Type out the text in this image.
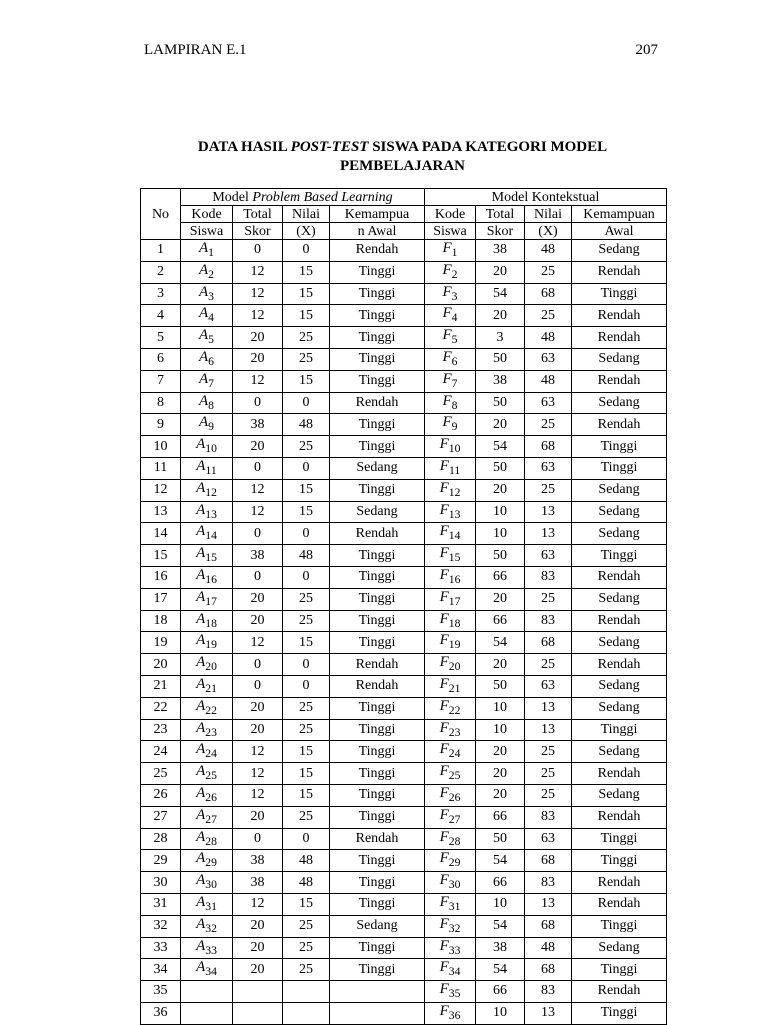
LAMPIRAN E.1	207
DATA HASIL POST-TEST SISWA PADA KATEGORI MODEL
PEMBELAJARAN
No	Model Problem Based Learning				Model Kontekstual			
	Kode	Total	Nilai	Kemampua	Kode	Total	Nilai	Kemampuan
	Siswa	Skor	(X)	n Awal	Siswa	Skor	(X)	Awal
1	$A_1$	0	0	Rendah	$F_1$	38	48	Sedang
2	$A_2$	12	15	Tinggi	$F_2$	20	25	Rendah
3	$A_3$	12	15	Tinggi	$F_3$	54	68	Tinggi
4	$A_4$	12	15	Tinggi	$F_4$	20	25	Rendah
5	$A_5$	20	25	Tinggi	$F_5$	3	48	Rendah
6	$A_6$	20	25	Tinggi	$F_6$	50	63	Sedang
7	$A_7$	12	15	Tinggi	$F_7$	38	48	Rendah
8	$A_8$	0	0	Rendah	$F_8$	50	63	Sedang
9	$A_9$	38	48	Tinggi	$F_9$	20	25	Rendah
10	$A_{10}$	20	25	Tinggi	$F_{10}$	54	68	Tinggi
11	$A_{11}$	0	0	Sedang	$F_{11}$	50	63	Tinggi
12	$A_{12}$	12	15	Tinggi	$F_{12}$	20	25	Sedang
13	$A_{13}$	12	15	Sedang	$F_{13}$	10	13	Sedang
14	$A_{14}$	0	0	Rendah	$F_{14}$	10	13	Sedang
15	$A_{15}$	38	48	Tinggi	$F_{15}$	50	63	Tinggi
16	$A_{16}$	0	0	Tinggi	$F_{16}$	66	83	Rendah
17	$A_{17}$	20	25	Tinggi	$F_{17}$	20	25	Sedang
18	$A_{18}$	20	25	Tinggi	$F_{18}$	66	83	Rendah
19	$A_{19}$	12	15	Tinggi	$F_{19}$	54	68	Sedang
20	$A_{20}$	0	0	Rendah	$F_{20}$	20	25	Rendah
21	$A_{21}$	0	0	Rendah	$F_{21}$	50	63	Sedang
22	$A_{22}$	20	25	Tinggi	$F_{22}$	10	13	Sedang
23	$A_{23}$	20	25	Tinggi	$F_{23}$	10	13	Tinggi
24	$A_{24}$	12	15	Tinggi	$F_{24}$	20	25	Sedang
25	$A_{25}$	12	15	Tinggi	$F_{25}$	20	25	Rendah
26	$A_{26}$	12	15	Tinggi	$F_{26}$	20	25	Sedang
27	$A_{27}$	20	25	Tinggi	$F_{27}$	66	83	Rendah
28	$A_{28}$	0	0	Rendah	$F_{28}$	50	63	Tinggi
29	$A_{29}$	38	48	Tinggi	$F_{29}$	54	68	Tinggi
30	$A_{30}$	38	48	Tinggi	$F_{30}$	66	83	Rendah
31	$A_{31}$	12	15	Tinggi	$F_{31}$	10	13	Rendah
32	$A_{32}$	20	25	Sedang	$F_{32}$	54	68	Tinggi
33	$A_{33}$	20	25	Tinggi	$F_{33}$	38	48	Sedang
34	$A_{34}$	20	25	Tinggi	$F_{34}$	54	68	Tinggi
35					$F_{35}$	66	83	Rendah
36					$F_{36}$	10	13	Tinggi
